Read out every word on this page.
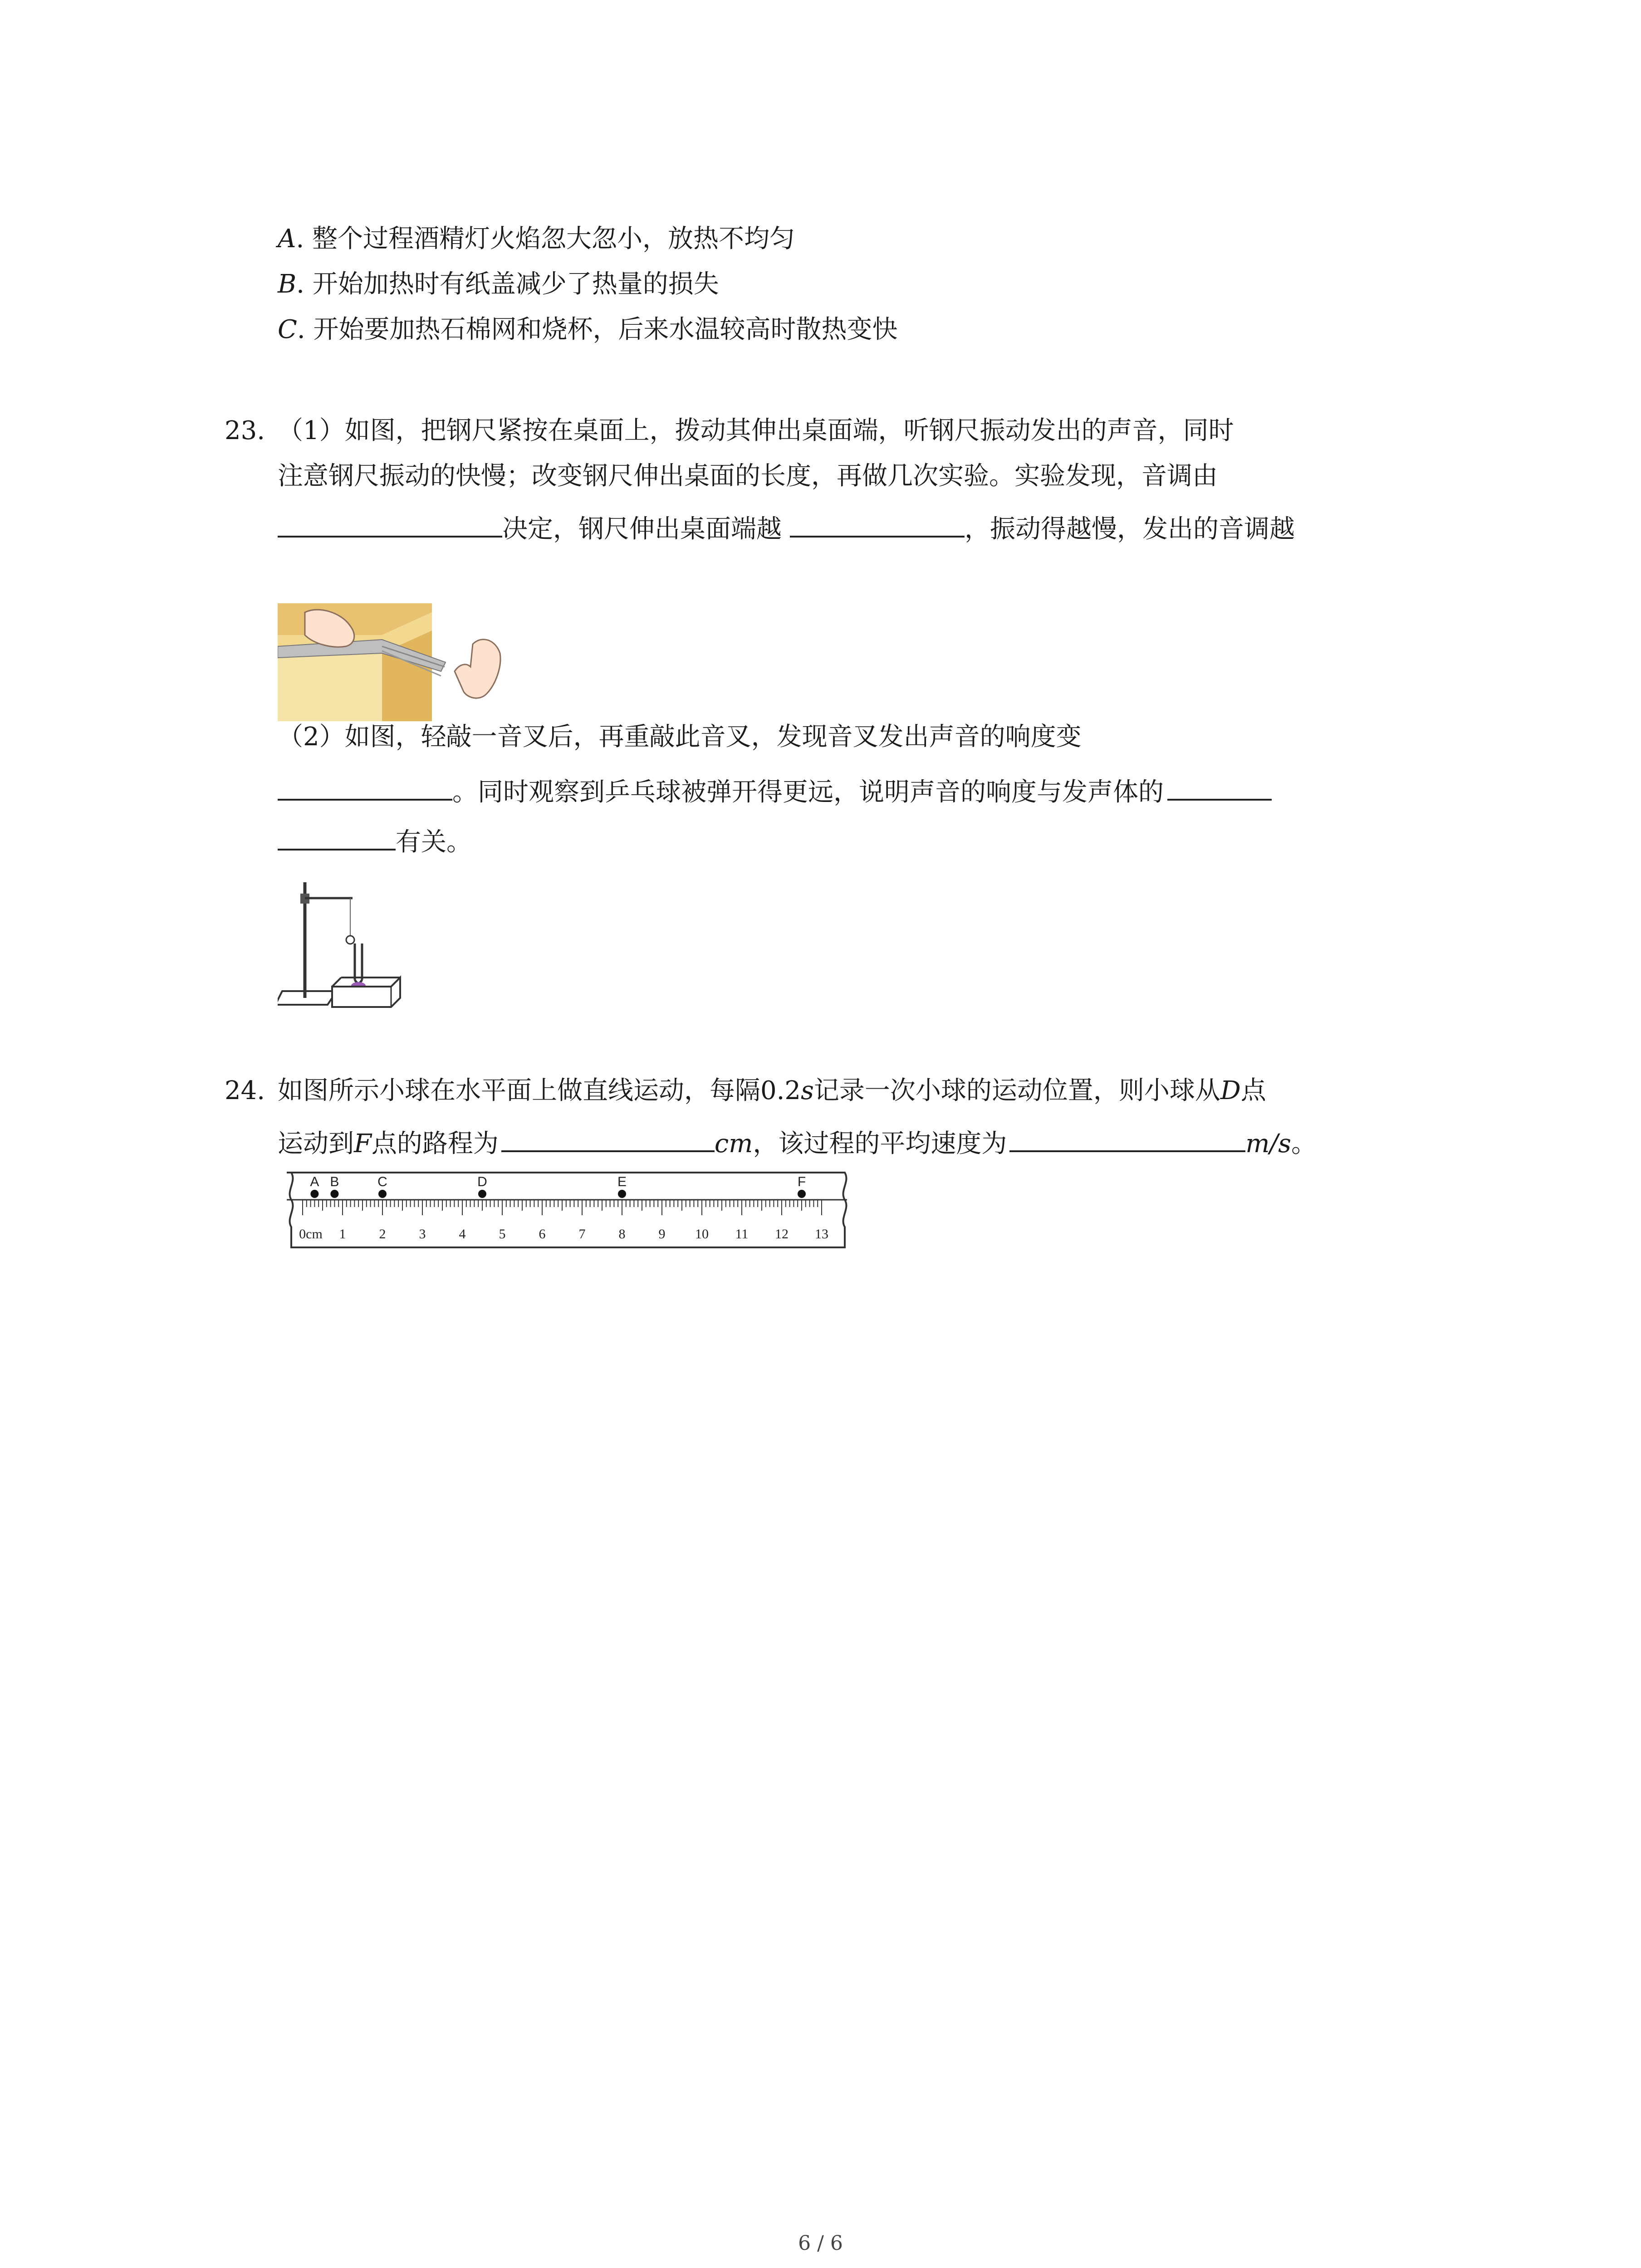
A. 整个过程酒精灯火焰忽大忽小，放热不均匀
B. 开始加热时有纸盖减少了热量的损失
C. 开始要加热石棉网和烧杯，后来水温较高时散热变快
23. （1）如图，把钢尺紧按在桌面上，拨动其伸出桌面端，听钢尺振动发出的声音，同时
注意钢尺振动的快慢；改变钢尺伸出桌面的长度，再做几次实验。实验发现，音调由
决定，钢尺伸出桌面端越	，振动得越慢，发出的音调越
（2）如图，轻敲一音叉后，再重敲此音叉，发现音叉发出声音的响度变
。同时观察到乒乓球被弹开得更远，说明声音的响度与发声体的
有关。
24. 如图所示小球在水平面上做直线运动，每隔0.2s记录一次小球的运动位置，则小球从D点
运动到F点的路程为	cm，该过程的平均速度为	m/s。
0cm 1 2 3 4 5 6 7 8 9 10 11 12 13
A B	C	D	E	F
6 / 6
